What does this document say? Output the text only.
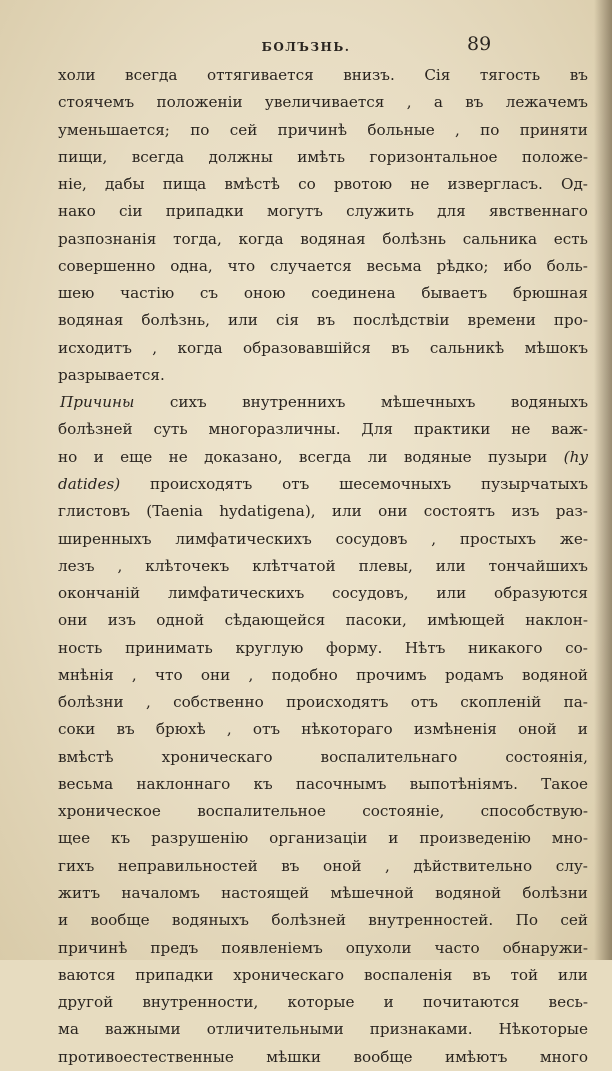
БОЛЪЗНЬ.	89
холи всегда оттягивается внизъ. Сія тягость въ
стоячемъ положеніи увеличивается , а въ лежачемъ
уменьшается; по сей причинѣ больные , по приняти
пищи, всегда должны имѣть горизонтальное положе-
ніе, дабы пища вмѣстѣ со рвотою не извергласъ. Од-
нако сіи припадки могутъ служить для явственнаго
разпознанія тогда, когда водяная болѣзнь сальника есть
совершенно одна, что случается весьма рѣдко; ибо боль-
шею частію съ оною соединена бываетъ брюшная
водяная болѣзнь, или сія въ послѣдствіи времени про-
исходитъ , когда образовавшійся въ сальникѣ мѣшокъ
разрывается.
Причины сихъ внутреннихъ мѣшечныхъ водяныхъ
болѣзней суть многоразличны. Для практики не важ-
но и еще не доказано, всегда ли водяные пузыри (hy
datides) происходятъ отъ шесемочныхъ пузырчатыхъ
глистовъ (Taenia hydatigena), или они состоятъ изъ раз-
ширенныхъ лимфатическихъ сосудовъ , простыхъ же-
лезъ , клѣточекъ клѣтчатой плевы, или тончайшихъ
окончаній лимфатическихъ сосудовъ, или образуются
они изъ одной сѣдающейся пасоки, имѣющей наклон-
ность принимать круглую форму. Нѣтъ никакого со-
мнѣнія , что они , подобно прочимъ родамъ водяной
болѣзни , собственно происходятъ отъ скопленій па-
соки въ брюхѣ , отъ нѣкотораго измѣненія оной и
вмѣстѣ	хроническаго	воспалительнаго	состоянія,
весьма наклоннаго къ пасочнымъ выпотѣніямъ. Такое
хроническое воспалительное состояніе, способствую-
щее къ разрушенію организаціи и произведенію мно-
гихъ неправильностей въ оной , дѣйствительно слу-
житъ началомъ настоящей мѣшечной водяной болѣзни
и вообще водяныхъ болѣзней внутренностей. По сей
причинѣ предъ появленіемъ опухоли часто обнаружи-
ваются припадки хроническаго воспаленія въ той или
другой внутренности, которые и почитаются весь-
ма важными отличительными признаками. Нѣкоторые
противоестественные мѣшки вообще имѣютъ много
